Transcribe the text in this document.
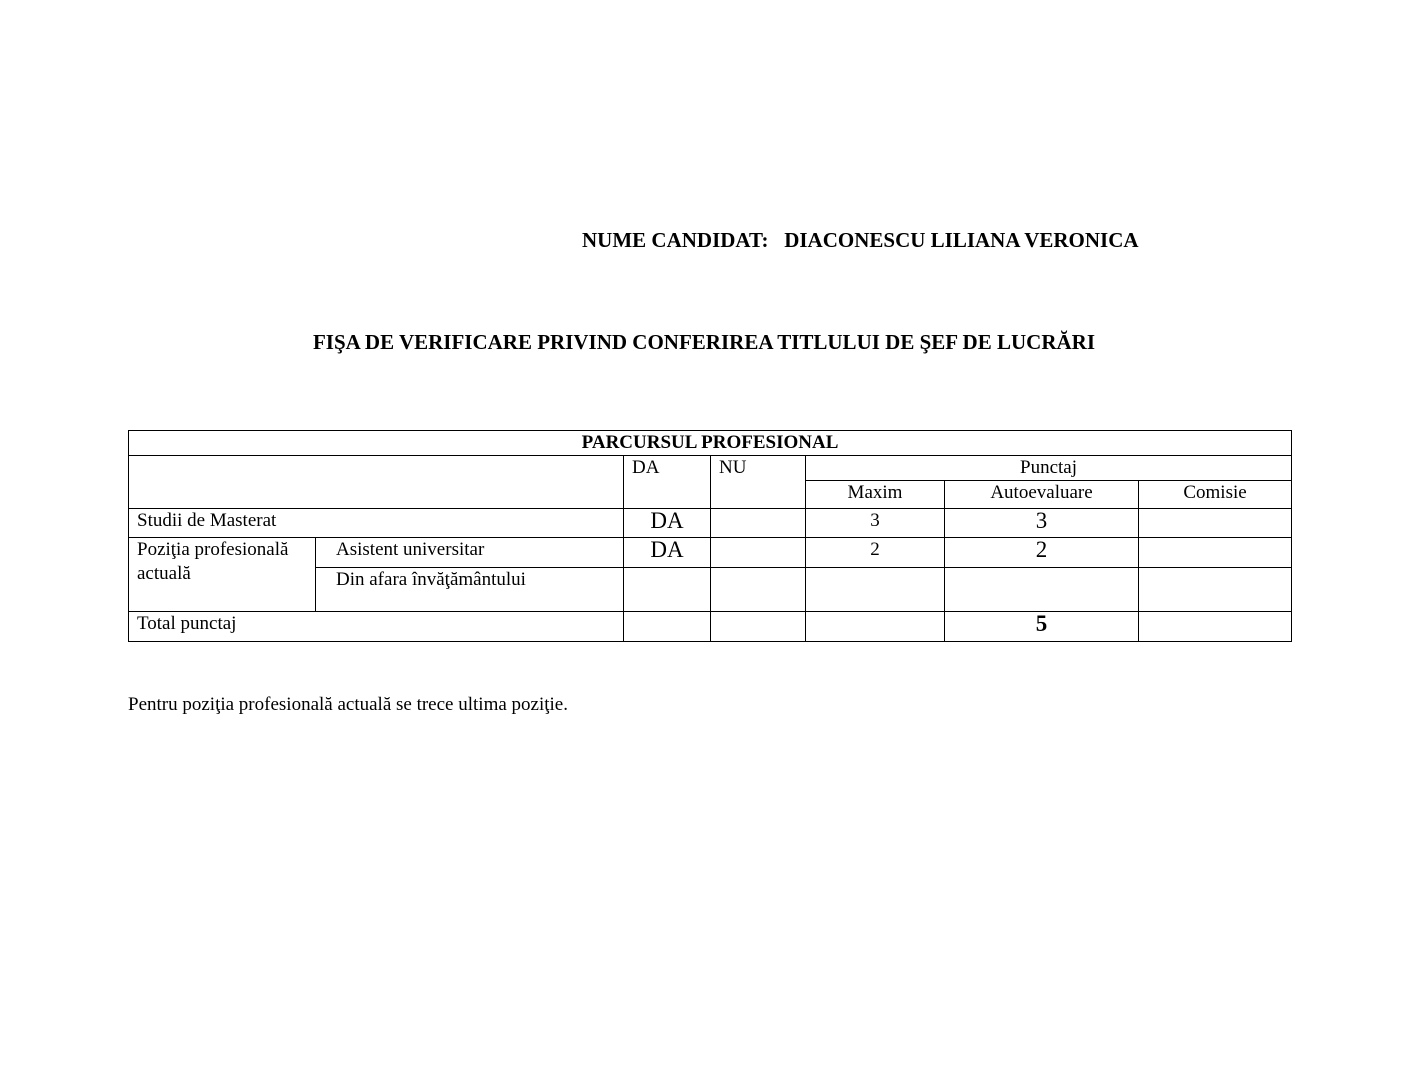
NUME CANDIDAT: DIACONESCU LILIANA VERONICA
FIŞA DE VERIFICARE PRIVIND CONFERIREA TITLULUI DE ŞEF DE LUCRĂRI
PARCURSUL PROFESIONAL						
		DA	NU	Punctaj		
				Maxim	Autoevaluare	Comisie
Studii de Masterat		DA		3	3	
Poziţia profesională actuală	Asistent universitar	DA		2	2	
	Din afara învăţământului					
Total punctaj					5	
Pentru poziţia profesională actuală se trece ultima poziţie.
